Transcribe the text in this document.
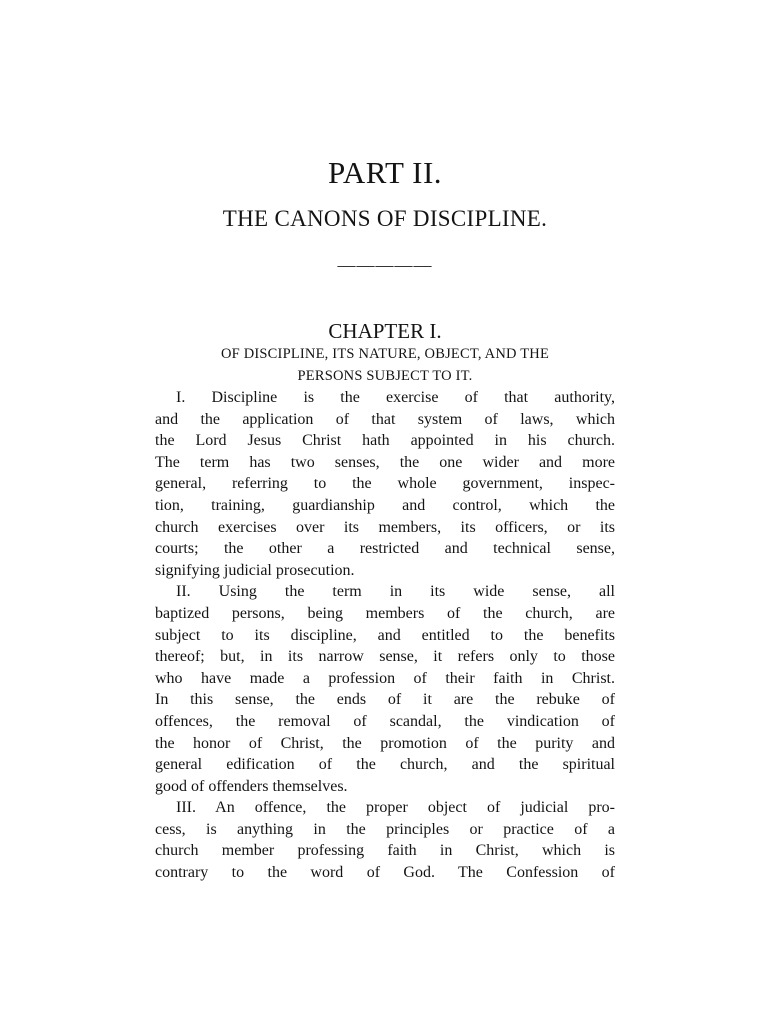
PART II.
THE CANONS OF DISCIPLINE.
—————
CHAPTER I.
OF DISCIPLINE, ITS NATURE, OBJECT, AND THE
PERSONS SUBJECT TO IT.
I. Discipline is the exercise of that authority,
and the application of that system of laws, which
the Lord Jesus Christ hath appointed in his church.
The term has two senses, the one wider and more
general, referring to the whole government, inspec-
tion, training, guardianship and control, which the
church exercises over its members, its officers, or its
courts; the other a restricted and technical sense,
signifying judicial prosecution.
II. Using the term in its wide sense, all
baptized persons, being members of the church, are
subject to its discipline, and entitled to the benefits
thereof; but, in its narrow sense, it refers only to those
who have made a profession of their faith in Christ.
In this sense, the ends of it are the rebuke of
offences, the removal of scandal, the vindication of
the honor of Christ, the promotion of the purity and
general edification of the church, and the spiritual
good of offenders themselves.
III. An offence, the proper object of judicial pro-
cess, is anything in the principles or practice of a
church member professing faith in Christ, which is
contrary to the word of God. The Confession of
